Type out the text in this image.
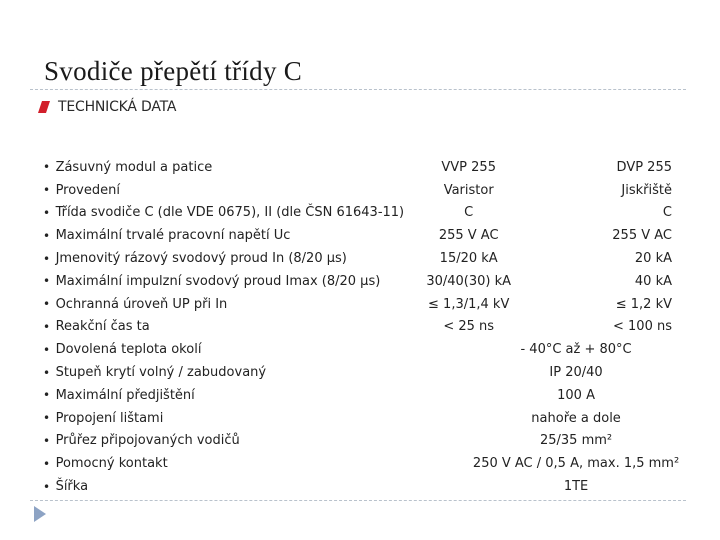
Svodiče přepětí třídy C
TECHNICKÁ DATA
•	Zásuvný modul a patice	VVP 255	DVP 255
•	Provedení	Varistor	Jiskřiště
•	Třída svodiče C (dle VDE 0675), II (dle ČSN 61643-11)	C	C
•	Maximální trvalé pracovní napětí Uc	255 V AC	255 V AC
•	Jmenovitý rázový svodový proud In (8/20 µs)	15/20 kA	20 kA
•	Maximální impulzní svodový proud Imax (8/20 µs)	30/40(30) kA	40 kA
•	Ochranná úroveň UP při In	≤ 1,3/1,4 kV	≤ 1,2 kV
•	Reakční čas ta	< 25 ns	< 100 ns
•	Dovolená teplota okolí	- 40°C až + 80°C	
•	Stupeň krytí volný / zabudovaný	IP 20/40	
•	Maximální předjištění	100 A	
•	Propojení lištami	nahoře a dole	
•	Průřez připojovaných vodičů	25/35 mm²	
•	Pomocný kontakt	250 V AC / 0,5 A, max. 1,5 mm²	
•	Šířka	1TE	
